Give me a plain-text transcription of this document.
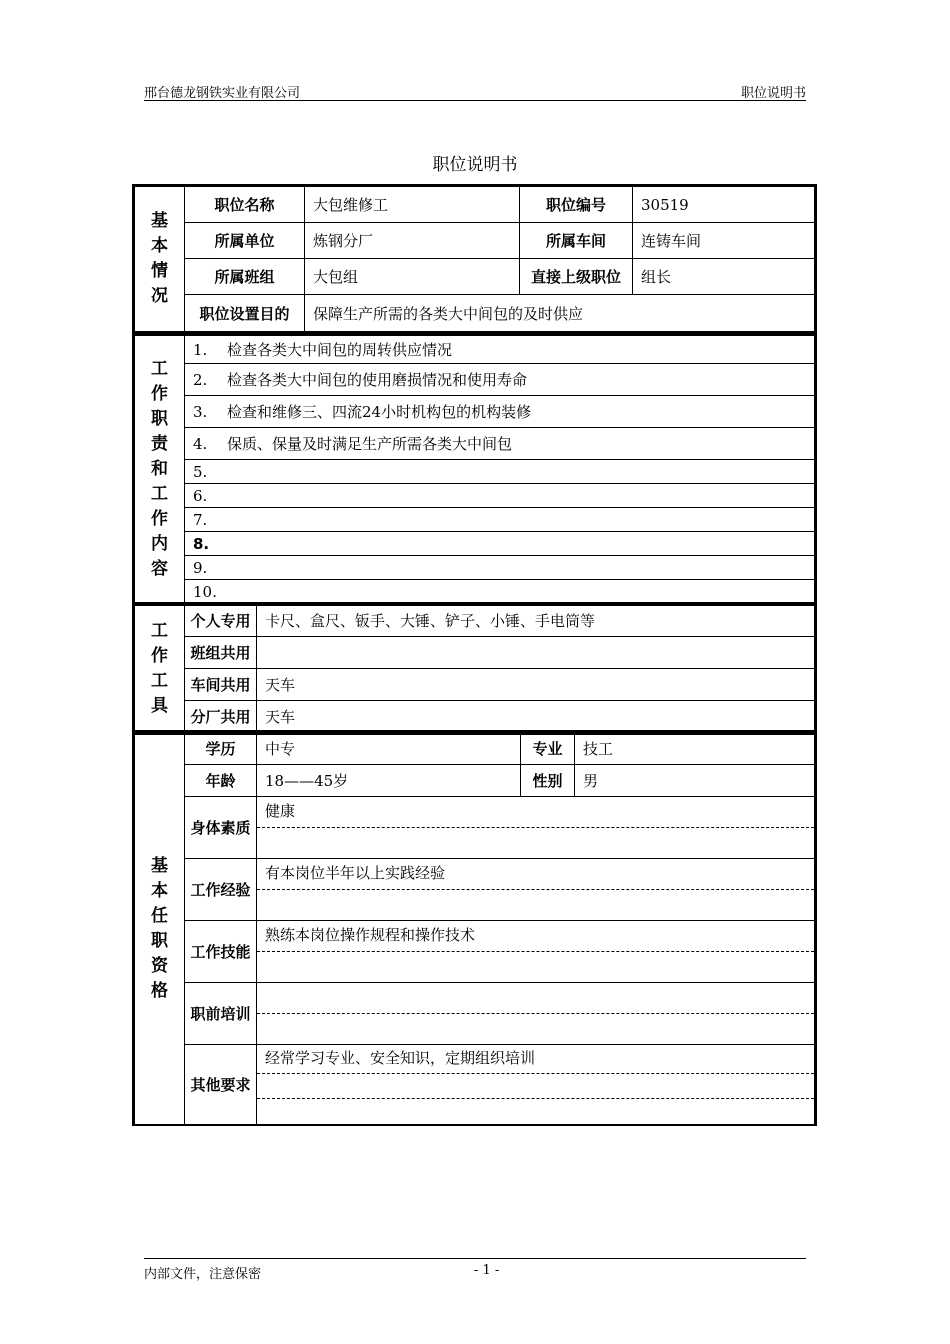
邢台德龙钢铁实业有限公司	职位说明书
职位说明书
基本情况	职位名称	大包维修工	职位编号	30519
	所属单位	炼钢分厂	所属车间	连铸车间
	所属班组	大包组	直接上级职位	组长
	职位设置目的	保障生产所需的各类大中间包的及时供应		
工作职责和工作内容	1. 检查各类大中间包的周转供应情况
2. 检查各类大中间包的使用磨损情况和使用寿命
3. 检查和维修三、四流24小时机构包的机构装修
4. 保质、保量及时满足生产所需各类大中间包
5.
6.
7.
8.
9.
10.
工作工具	个人专用	卡尺、盒尺、钣手、大锤、铲子、小锤、手电筒等
	班组共用	
	车间共用	天车
	分厂共用	天车
基本任职资格	学历	中专	专业	技工
	年龄	18——45岁	性别	男
	身体素质	健康		

	工作经验	有本岗位半年以上实践经验		

	工作技能	熟练本岗位操作规程和操作技术		

	职前培训			

	其他要求	经常学习专业、安全知识，定期组织培训		
内部文件，注意保密	- 1 -
